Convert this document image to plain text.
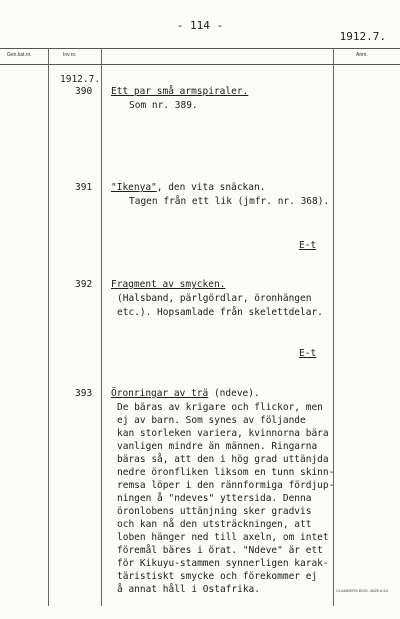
- 114 -
1912.7.
Gen.kat.nr.	Inv.nr.	Anm.
1912.7.
390 Ett par små armspiraler.
Som nr. 389.
391 "Ikenya", den vita snäckan.
Tagen från ett lik (jmfr. nr. 368).
E-t
392 Fragment av smycken.
(Halsband, pärlgördlar, öronhängen
etc.). Hopsamlade från skelettdelar.
E-t
393 Öronringar av trä (ndeve).
De bäras av krigare och flickor, men
ej av barn. Som synes av följande
kan storleken variera, kvinnorna bära
vanligen mindre än männen. Ringarna
bäras så, att den i hög grad uttänjda
nedre öronfliken liksom en tunn skinn-
remsa löper i den rännformiga fördjup-
ningen å "ndeves" yttersida. Denna
öronlobens uttänjning sker gradvis
och kan nå den utsträckningen, att
loben hänger ned till axeln, om intet
föremål bäres i örat. "Ndeve" är ett
för Kikuyu-stammen synnerligen karak-
täristiskt smycke och förekommer ej
å annat håll i Ostafrika.	CLANDERS BOG. 4825 A 54
